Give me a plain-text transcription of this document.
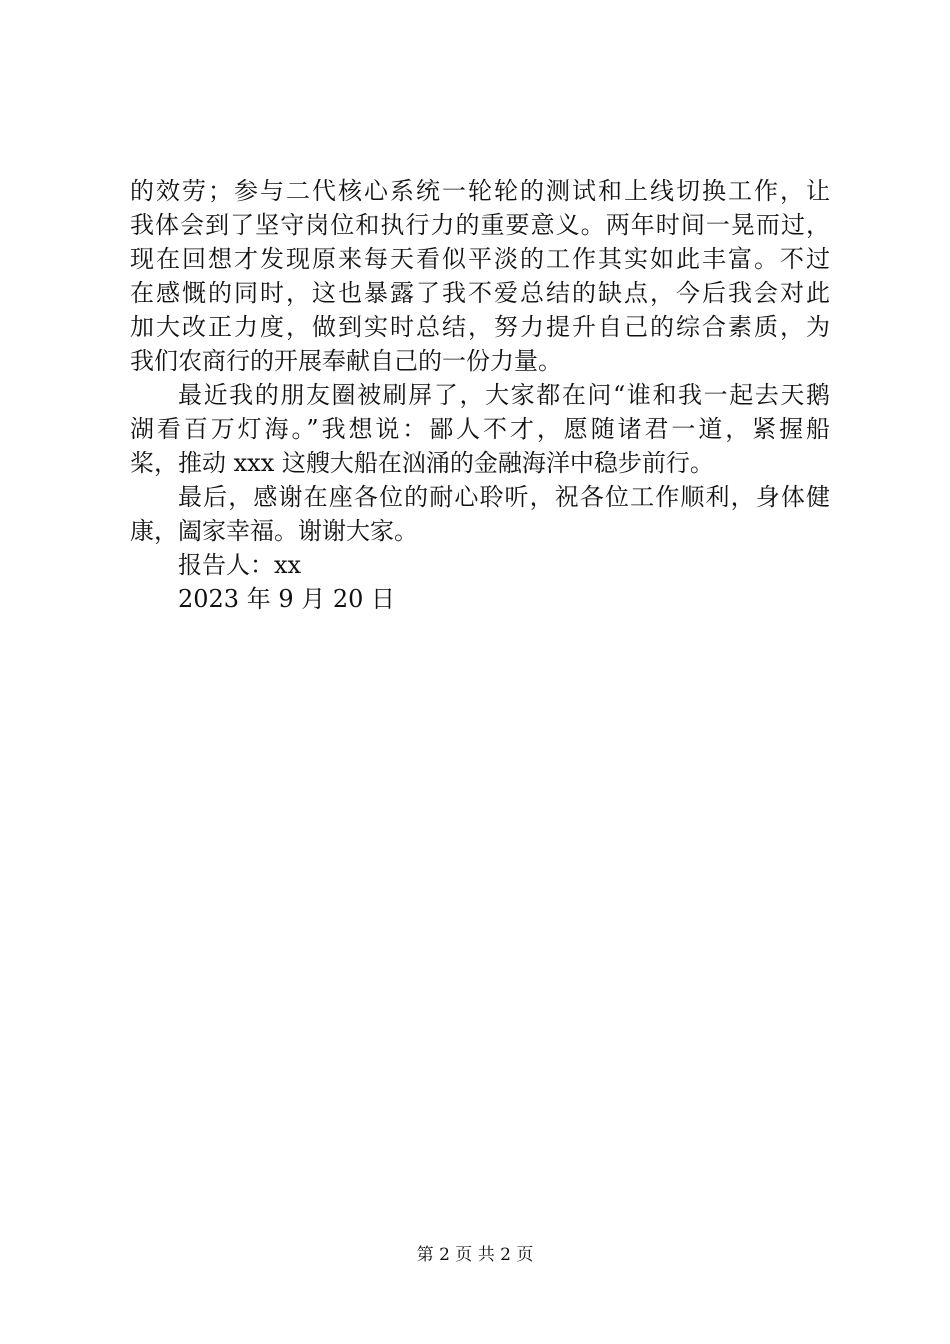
的效劳；参与二代核心系统一轮轮的测试和上线切换工作，让
我体会到了坚守岗位和执行力的重要意义。两年时间一晃而过，
现在回想才发现原来每天看似平淡的工作其实如此丰富。不过
在感慨的同时，这也暴露了我不爱总结的缺点，今后我会对此
加大改正力度，做到实时总结，努力提升自己的综合素质，为
我们农商行的开展奉献自己的一份力量。
最近我的朋友圈被刷屏了，大家都在问“谁和我一起去天鹅
湖看百万灯海。”我想说：鄙人不才，愿随诸君一道，紧握船
桨，推动 xxx 这艘大船在汹涌的金融海洋中稳步前行。
最后，感谢在座各位的耐心聆听，祝各位工作顺利，身体健
康，阖家幸福。谢谢大家。
报告人：xx
2023 年 9 月 20 日
第 2 页 共 2 页
